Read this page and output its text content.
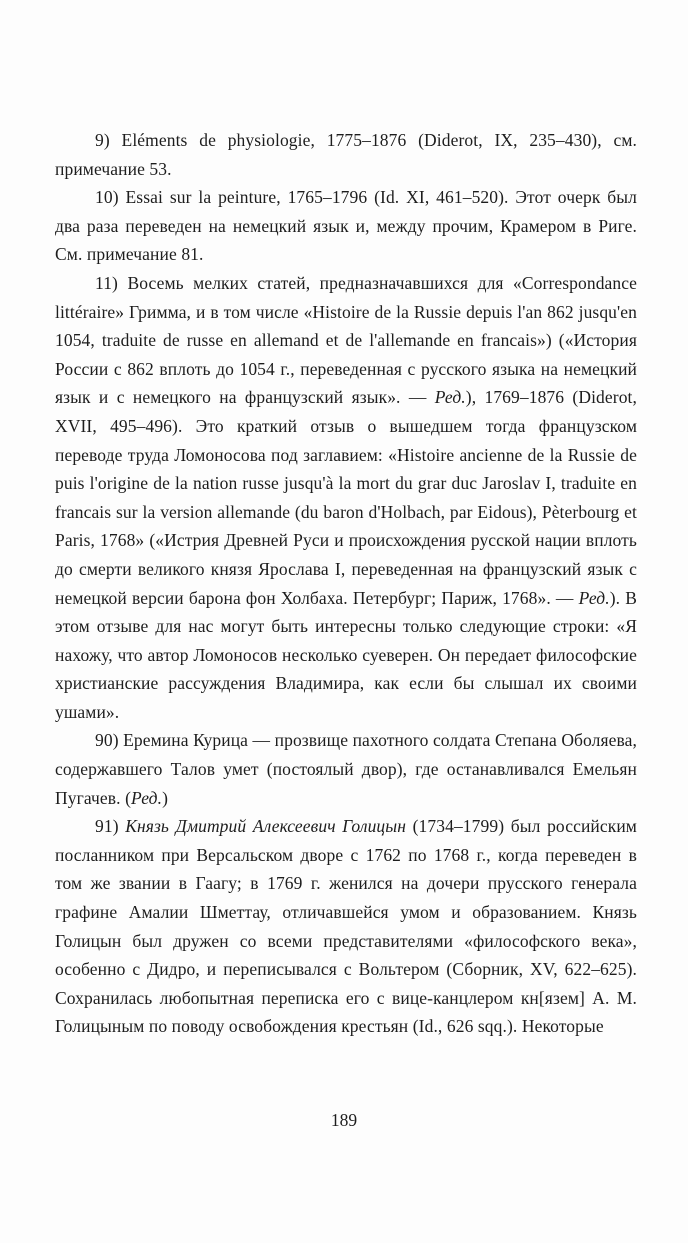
9) Eléments de physiologie, 1775–1876 (Diderot, IX, 235–430), см. примечание 53.

10) Essai sur la peinture, 1765–1796 (Id. XI, 461–520). Этот очерк был два раза переведен на немецкий язык и, между прочим, Крамером в Риге. См. примечание 81.

11) Восемь мелких статей, предназначавшихся для «Correspondance littéraire» Гримма, и в том числе «Histoire de la Russie depuis l'an 862 jusqu'en 1054, traduite de russe en allemand et de l'allemande en francais») («История России с 862 вплоть до 1054 г., переведенная с русского языка на немецкий язык и с немецкого на французский язык». — Ред.), 1769–1876 (Diderot, XVII, 495–496). Это краткий отзыв о вышедшем тогда французском переводе труда Ломоносова под заглавием: «Histoire ancienne de la Russie de puis l'origine de la nation russe jusqu'à la mort du grar duc Jaroslav I, traduite en francais sur la version allemande (du baron d'Holbach, par Eidous), Pèterbourg et Paris, 1768» («Истрия Древней Руси и происхождения русской нации вплоть до смерти великого князя Ярослава I, переведенная на французский язык с немецкой версии барона фон Холбаха. Петербург; Париж, 1768». — Ред.). В этом отзыве для нас могут быть интересны только следующие строки: «Я нахожу, что автор Ломоносов несколько суеверен. Он передает философские христианские рассуждения Владимира, как если бы слышал их своими ушами».

90) Еремина Курица — прозвище пахотного солдата Степана Оболяева, содержавшего Талов умет (постоялый двор), где останавливался Емельян Пугачев. (Ред.)

91) Князь Дмитрий Алексеевич Голицын (1734–1799) был российским посланником при Версальском дворе с 1762 по 1768 г., когда переведен в том же звании в Гаагу; в 1769 г. женился на дочери прусского генерала графине Амалии Шметтау, отличавшейся умом и образованием. Князь Голицын был дружен со всеми представителями «философского века», особенно с Дидро, и переписывался с Вольтером (Сборник, XV, 622–625). Сохранилась любопытная переписка его с вице-канцлером кн[язем] А. М. Голицыным по поводу освобождения крестьян (Id., 626 sqq.). Некоторые

189
